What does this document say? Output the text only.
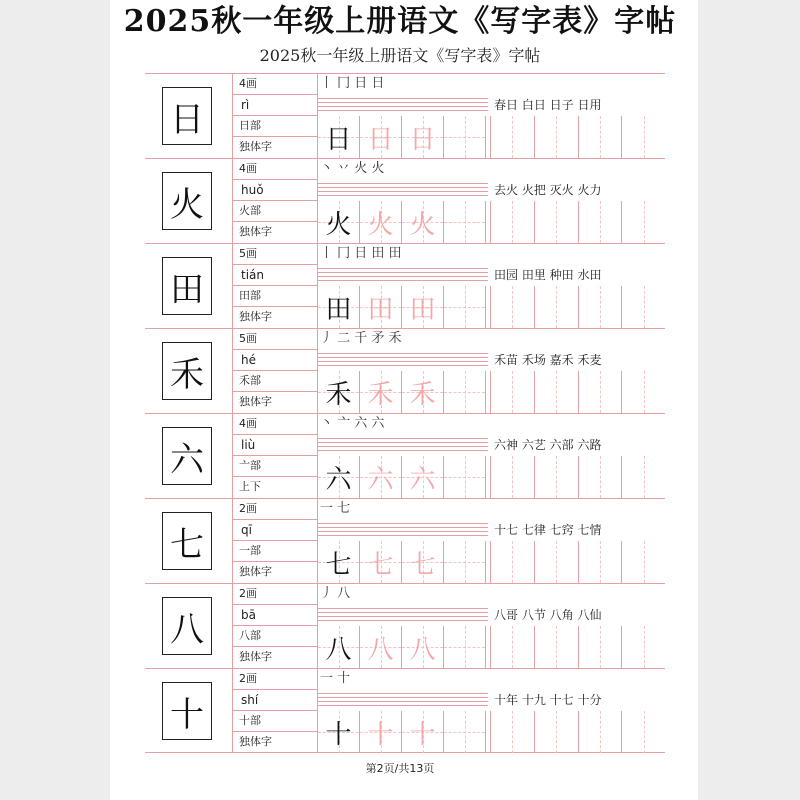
2025秋一年级上册语文《写字表》字帖
2025秋一年级上册语文《写字表》字帖
日
4画
rì
日部
独体字
丨 冂 日 日
日 日 日
春日 白日 日子 日用
火
4画
huǒ
火部
独体字
丶 丷 火 火
火 火 火
去火 火把 灭火 火力
田
5画
tián
田部
独体字
丨 冂 日 田 田
田 田 田
田园 田里 种田 水田
禾
5画
hé
禾部
独体字
丿 二 千 矛 禾
禾 禾 禾
禾苗 禾场 嘉禾 禾麦
六
4画
liù
亠部
上下
丶 亠 六 六
六 六 六
六神 六艺 六部 六路
七
2画
qī
一部
独体字
一 七
七 七 七
十七 七律 七窍 七情
八
2画
bā
八部
独体字
丿 八
八 八 八
八哥 八节 八角 八仙
十
2画
shí
十部
独体字
一 十
十 十 十
十年 十九 十七 十分
第2页/共13页
